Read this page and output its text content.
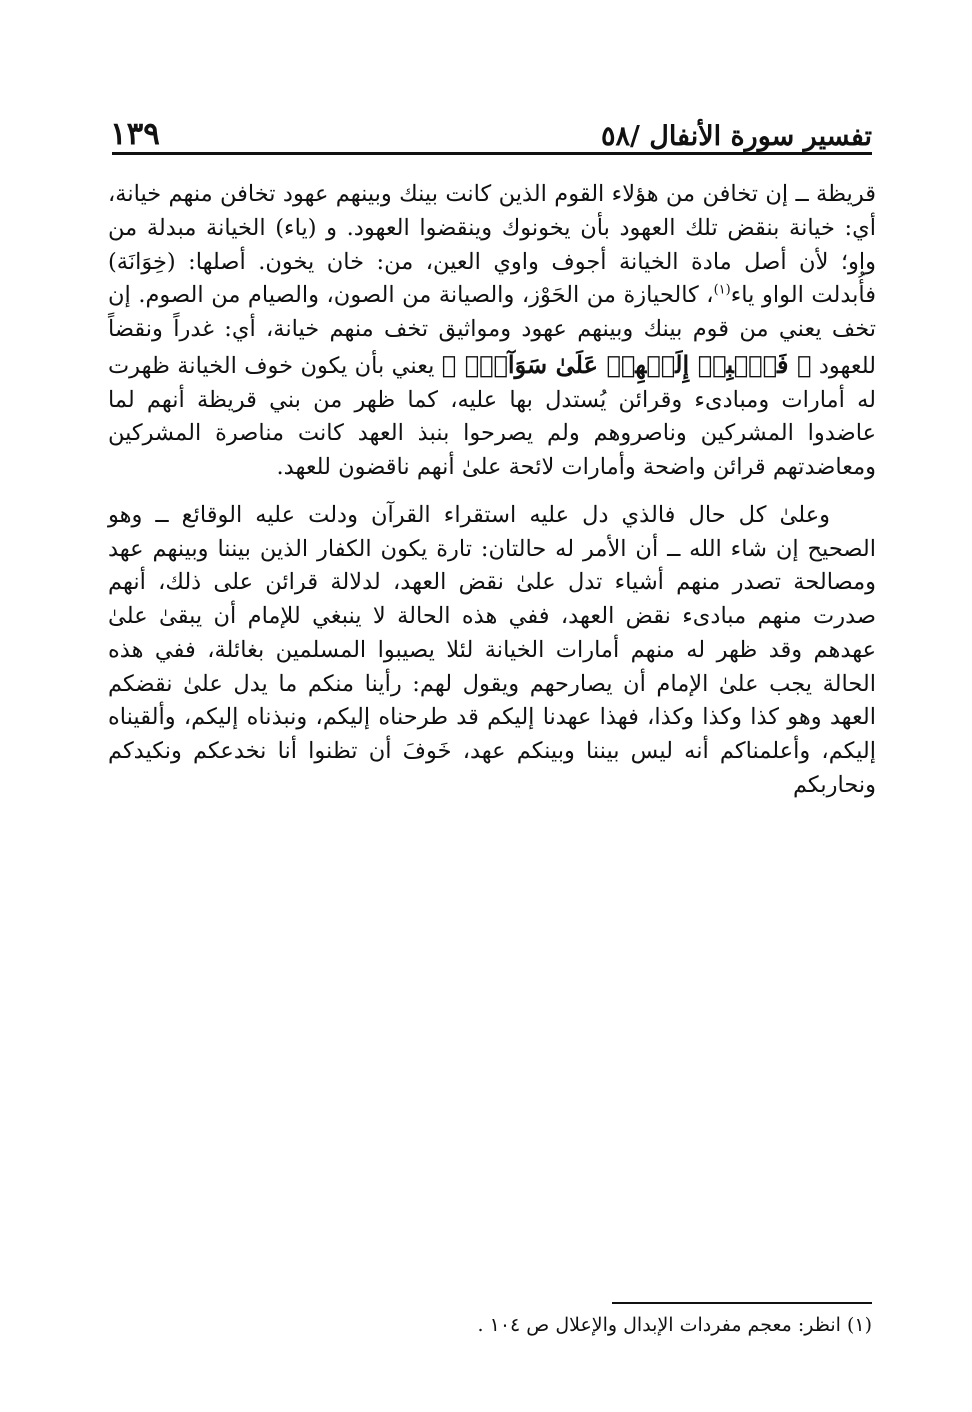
تفسير سورة الأنفال /٥٨
١٣٩

قريظة ــ إن تخافن من هؤلاء القوم الذين كانت بينك وبينهم عهود تخافن منهم خيانة، أي: خيانة بنقض تلك العهود بأن يخونوك وينقضوا العهود. و (ياء) الخيانة مبدلة من واو؛ لأن أصل مادة الخيانة أجوف واوي العين، من: خان يخون. أصلها: (خِوَانَة) فأُبدلت الواو ياء$^{(١)}$، كالحيازة من الحَوْز، والصيانة من الصون، والصيام من الصوم. إن تخف يعني من قوم بينك وبينهم عهود ومواثيق تخف منهم خيانة، أي: غدراً ونقضاً للعهود ﴿ فَٱنۢبِذۡ إِلَيۡهِمۡ عَلَىٰ سَوَآءٍۚ ﴾ يعني بأن يكون خوف الخيانة ظهرت له أمارات ومبادىء وقرائن يُستدل بها عليه، كما ظهر من بني قريظة أنهم لما عاضدوا المشركين وناصروهم ولم يصرحوا بنبذ العهد كانت مناصرة المشركين ومعاضدتهم قرائن واضحة وأمارات لائحة علىٰ أنهم ناقضون للعهد.

وعلىٰ كل حال فالذي دل عليه استقراء القرآن ودلت عليه الوقائع ــ وهو الصحيح إن شاء الله ــ أن الأمر له حالتان: تارة يكون الكفار الذين بيننا وبينهم عهد ومصالحة تصدر منهم أشياء تدل علىٰ نقض العهد، لدلالة قرائن على ذلك، أنهم صدرت منهم مبادىء نقض العهد، ففي هذه الحالة لا ينبغي للإمام أن يبقىٰ علىٰ عهدهم وقد ظهر له منهم أمارات الخيانة لئلا يصيبوا المسلمين بغائلة، ففي هذه الحالة يجب علىٰ الإمام أن يصارحهم ويقول لهم: رأينا منكم ما يدل علىٰ نقضكم العهد وهو كذا وكذا وكذا، فهذا عهدنا إليكم قد طرحناه إليكم، ونبذناه إليكم، وألقيناه إليكم، وأعلمناكم أنه ليس بيننا وبينكم عهد، خَوفَ أن تظنوا أنا نخدعكم ونكيدكم ونحاربكم

(١) انظر: معجم مفردات الإبدال والإعلال ص ١٠٤ .
